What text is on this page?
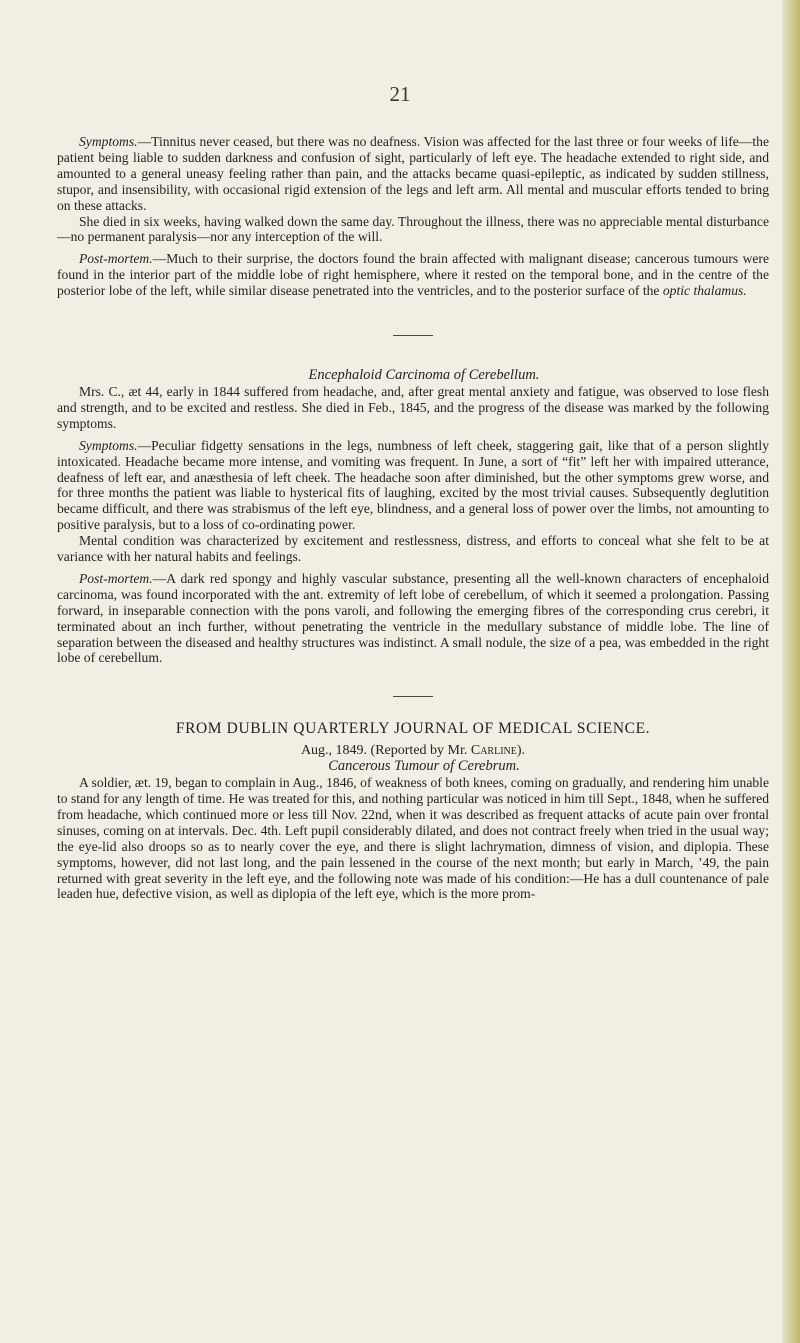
21

Symptoms.—Tinnitus never ceased, but there was no deafness. Vision was affected for the last three or four weeks of life—the patient being liable to sudden darkness and confusion of sight, particularly of left eye. The headache extended to right side, and amounted to a general uneasy feeling rather than pain, and the attacks became quasi-epileptic, as indicated by sudden stillness, stupor, and insensibility, with occasional rigid extension of the legs and left arm. All mental and muscular efforts tended to bring on these attacks.

She died in six weeks, having walked down the same day. Throughout the illness, there was no appreciable mental disturbance—no permanent paralysis—nor any interception of the will.

Post-mortem.—Much to their surprise, the doctors found the brain affected with malignant disease; cancerous tumours were found in the interior part of the middle lobe of right hemisphere, where it rested on the temporal bone, and in the centre of the posterior lobe of the left, while similar disease penetrated into the ventricles, and to the posterior surface of the optic thalamus.

Encephaloid Carcinoma of Cerebellum.

Mrs. C., æt 44, early in 1844 suffered from headache, and, after great mental anxiety and fatigue, was observed to lose flesh and strength, and to be excited and restless. She died in Feb., 1845, and the progress of the disease was marked by the following symptoms.

Symptoms.—Peculiar fidgetty sensations in the legs, numbness of left cheek, staggering gait, like that of a person slightly intoxicated. Headache became more intense, and vomiting was frequent. In June, a sort of “fit” left her with impaired utterance, deafness of left ear, and anæsthesia of left cheek. The headache soon after diminished, but the other symptoms grew worse, and for three months the patient was liable to hysterical fits of laughing, excited by the most trivial causes. Subsequently deglutition became difficult, and there was strabismus of the left eye, blindness, and a general loss of power over the limbs, not amounting to positive paralysis, but to a loss of co-ordinating power.

Mental condition was characterized by excitement and restlessness, distress, and efforts to conceal what she felt to be at variance with her natural habits and feelings.

Post-mortem.—A dark red spongy and highly vascular substance, presenting all the well-known characters of encephaloid carcinoma, was found incorporated with the ant. extremity of left lobe of cerebellum, of which it seemed a prolongation. Passing forward, in inseparable connection with the pons varoli, and following the emerging fibres of the corresponding crus cerebri, it terminated about an inch further, without penetrating the ventricle in the medullary substance of middle lobe. The line of separation between the diseased and healthy structures was indistinct. A small nodule, the size of a pea, was embedded in the right lobe of cerebellum.

FROM DUBLIN QUARTERLY JOURNAL OF MEDICAL SCIENCE.
Aug., 1849. (Reported by Mr. Carline).

Cancerous Tumour of Cerebrum.

A soldier, æt. 19, began to complain in Aug., 1846, of weakness of both knees, coming on gradually, and rendering him unable to stand for any length of time. He was treated for this, and nothing particular was noticed in him till Sept., 1848, when he suffered from headache, which continued more or less till Nov. 22nd, when it was described as frequent attacks of acute pain over frontal sinuses, coming on at intervals. Dec. 4th. Left pupil considerably dilated, and does not contract freely when tried in the usual way; the eye-lid also droops so as to nearly cover the eye, and there is slight lachrymation, dimness of vision, and diplopia. These symptoms, however, did not last long, and the pain lessened in the course of the next month; but early in March, ’49, the pain returned with great severity in the left eye, and the following note was made of his condition:—He has a dull countenance of pale leaden hue, defective vision, as well as diplopia of the left eye, which is the more prom-
